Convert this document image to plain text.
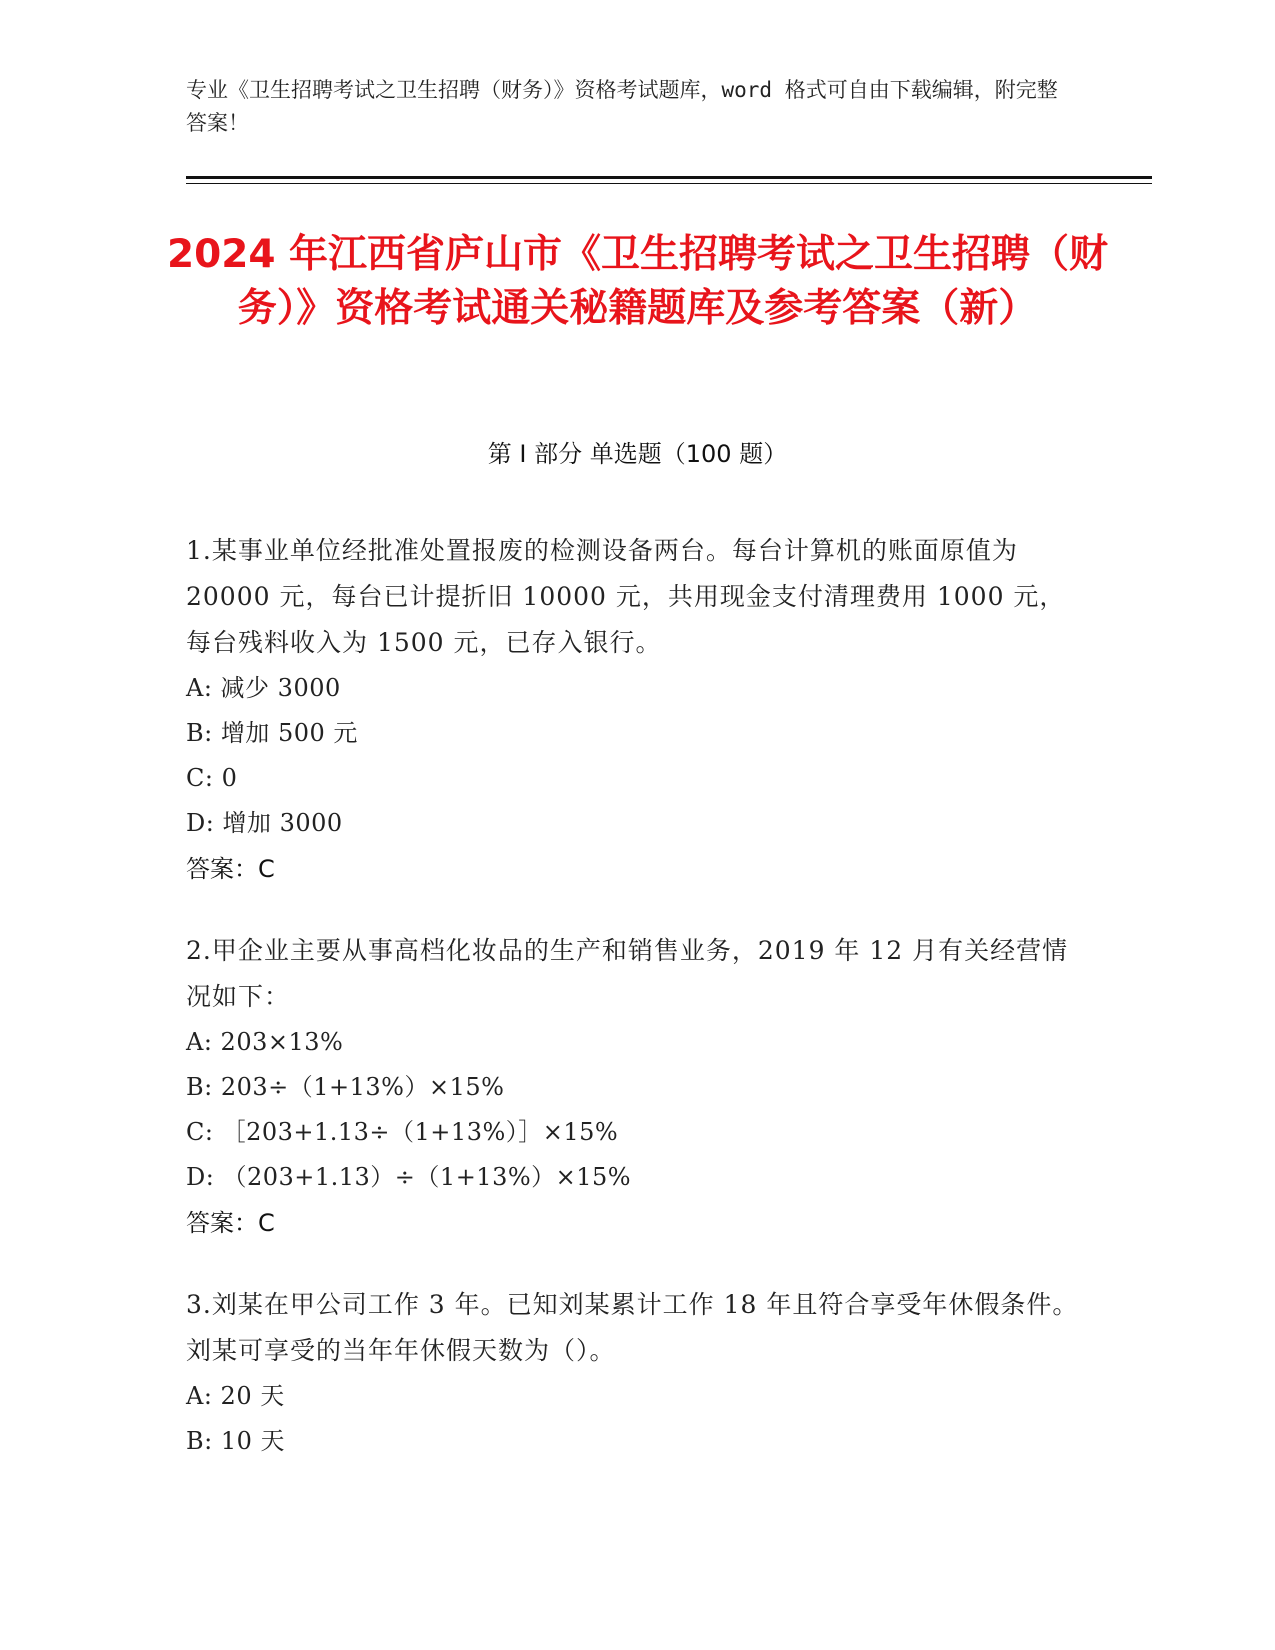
专业《卫生招聘考试之卫生招聘（财务）》资格考试题库，word 格式可自由下载编辑，附完整答案！
2024 年江西省庐山市《卫生招聘考试之卫生招聘（财务）》资格考试通关秘籍题库及参考答案（新）
第 I 部分 单选题（100 题）
1.某事业单位经批准处置报废的检测设备两台。每台计算机的账面原值为 20000 元，每台已计提折旧 10000 元，共用现金支付清理费用 1000 元，每台残料收入为 1500 元，已存入银行。
A: 减少 3000
B: 增加 500 元
C: 0
D: 增加 3000
答案：C
2.甲企业主要从事高档化妆品的生产和销售业务，2019 年 12 月有关经营情况如下：
A: 203×13%
B: 203÷（1+13%）×15%
C: ［203+1.13÷（1+13%）］×15%
D: （203+1.13）÷（1+13%）×15%
答案：C
3.刘某在甲公司工作 3 年。已知刘某累计工作 18 年且符合享受年休假条件。刘某可享受的当年年休假天数为（）。
A: 20 天
B: 10 天
